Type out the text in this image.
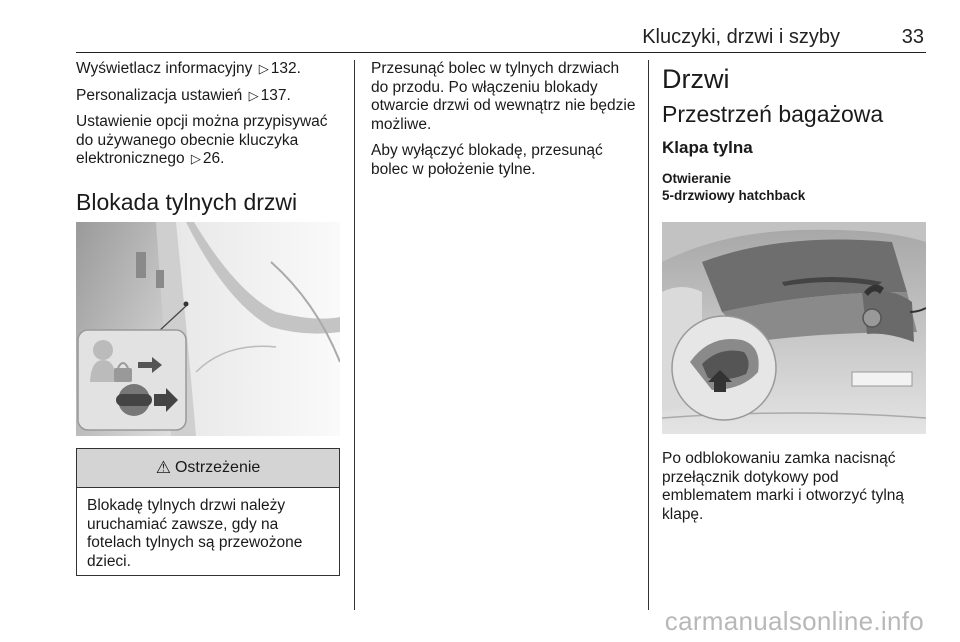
Kluczyki, drzwi i szyby	33

Wyświetlacz informacyjny ▷ 132.

Personalizacja ustawień ▷ 137.

Ustawienie opcji można przypisywać do używanego obecnie kluczyka elektronicznego ▷ 26.

Blokada tylnych drzwi
⚠ Ostrzeżenie
Blokadę tylnych drzwi należy uruchamiać zawsze, gdy na fotelach tylnych są przewożone dzieci.

Przesunąć bolec w tylnych drzwiach do przodu. Po włączeniu blokady otwarcie drzwi od wewnątrz nie będzie możliwe.

Aby wyłączyć blokadę, przesunąć bolec w położenie tylne.

Drzwi
Przestrzeń bagażowa
Klapa tylna
Otwieranie
5-drzwiowy hatchback

Po odblokowaniu zamka nacisnąć przełącznik dotykowy pod emblematem marki i otworzyć tylną klapę.

carmanualsonline.info
